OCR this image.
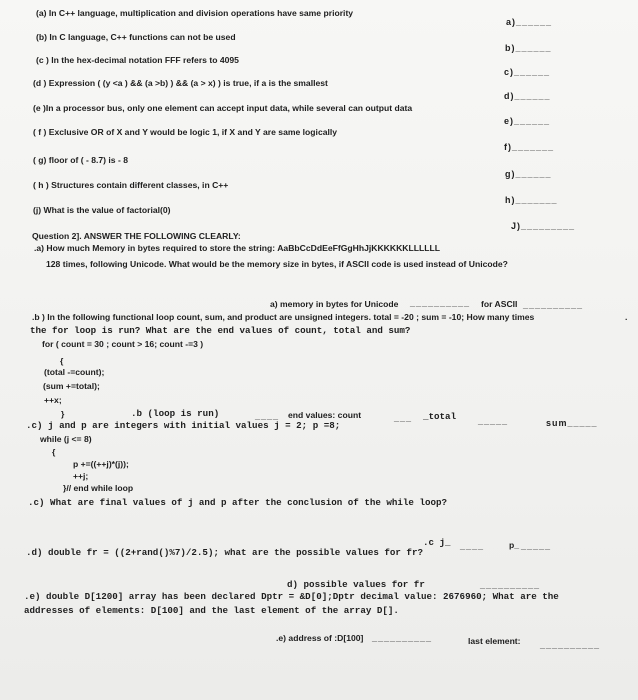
(a) In C++ language, multiplication and division operations have same priority
(b) In C language, C++ functions can not be used
(c ) In the hex-decimal notation FFF refers to 4095
(d ) Expression ( (y <a ) && (a >b) ) && (a > x) ) is true, if a is the smallest
(e )In a processor bus, only one element can accept input data, while several can output data
( f ) Exclusive OR of X and Y would be logic 1, if X and Y are same logically
( g) floor of ( - 8.7) is - 8
( h ) Structures contain different classes, in C++
(j) What is the value of factorial(0)
a)______
b)______
c)______
d)______
e)______
f)_______
g)______
h)_______
J)_________
Question 2]. ANSWER THE FOLLOWING CLEARLY:
.a) How much Memory in bytes required to store the string: AaBbCcDdEeFfGgHhJjKKKKKKLLLLLL
128 times, following Unicode. What would be the memory size in bytes, if ASCII code is used instead of Unicode?
a) memory in bytes for Unicode __________ for ASCII __________
.b ) In the following functional loop count, sum, and product are unsigned integers. total = -20 ; sum = -10; How many times	.
the for loop is run? What are the end values of count, total and sum?
for ( count = 30 ; count > 16; count -=3 )
{
(total -=count);
(sum +=total);
++x;
}	.b (loop is run)	____ end values: count	___ _total _____	sum_____
.c) j and p are integers with initial values j = 2; p =8;
while (j <= 8)
{
p +=((++j)*(j));
++j;
}// end while loop
.c) What are final values of j and p after the conclusion of the while loop?
.c j_ ____	p_ _____
.d) double fr = ((2+rand()%7)/2.5); what are the possible values for fr?
d) possible values for fr	__________
.e) double D[1200] array has been declared Dptr = &D[0];Dptr decimal value: 2676960; What are the
addresses of elements: D[100] and the last element of the array D[].
.e) address of :D[100] __________	last element: __________
